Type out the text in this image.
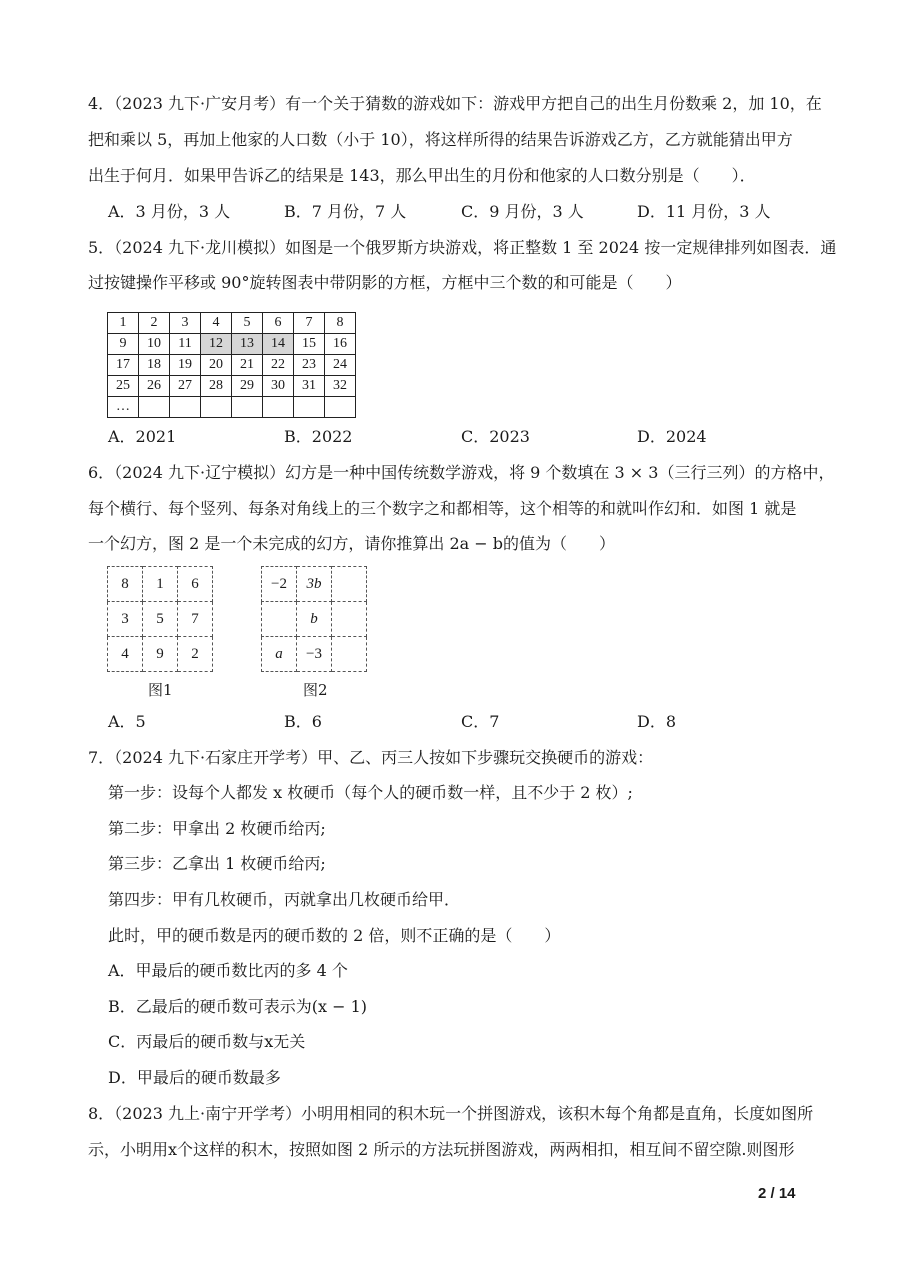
4．（2023 九下·广安月考）有一个关于猜数的游戏如下：游戏甲方把自己的出生月份数乘 2，加 10，在
把和乘以 5，再加上他家的人口数（小于 10），将这样所得的结果告诉游戏乙方，乙方就能猜出甲方
出生于何月．如果甲告诉乙的结果是 143，那么甲出生的月份和他家的人口数分别是（　　）．
A．3 月份，3 人	B．7 月份，7 人	C．9 月份，3 人	D．11 月份，3 人
5．（2024 九下·龙川模拟）如图是一个俄罗斯方块游戏，将正整数 1 至 2024 按一定规律排列如图表．通
过按键操作平移或 90°旋转图表中带阴影的方框，方框中三个数的和可能是（　　）
1	2	3	4	5	6	7	8
9	10	11	12	13	14	15	16
17	18	19	20	21	22	23	24
25	26	27	28	29	30	31	32
…							
A．2021	B．2022	C．2023	D．2024
6．（2024 九下·辽宁模拟）幻方是一种中国传统数学游戏，将 9 个数填在 3 × 3（三行三列）的方格中，
每个横行、每个竖列、每条对角线上的三个数字之和都相等，这个相等的和就叫作幻和．如图 1 就是
一个幻方，图 2 是一个未完成的幻方，请你推算出 2a − b的值为（　　）
8	1	6
3	5	7
4	9	2
−2	3b	
	b	
a	−3	
图1	图2
A．5	B．6	C．7	D．8
7．（2024 九下·石家庄开学考）甲、乙、丙三人按如下步骤玩交换硬币的游戏：
第一步：设每个人都发 x 枚硬币（每个人的硬币数一样，且不少于 2 枚）;
第二步：甲拿出 2 枚硬币给丙;
第三步：乙拿出 1 枚硬币给丙;
第四步：甲有几枚硬币，丙就拿出几枚硬币给甲．
此时，甲的硬币数是丙的硬币数的 2 倍，则不正确的是（　　）
A．甲最后的硬币数比丙的多 4 个
B．乙最后的硬币数可表示为(x − 1)
C．丙最后的硬币数与x无关
D．甲最后的硬币数最多
8．（2023 九上·南宁开学考）小明用相同的积木玩一个拼图游戏，该积木每个角都是直角，长度如图所
示，小明用x个这样的积木，按照如图 2 所示的方法玩拼图游戏，两两相扣，相互间不留空隙.则图形
2 / 14
